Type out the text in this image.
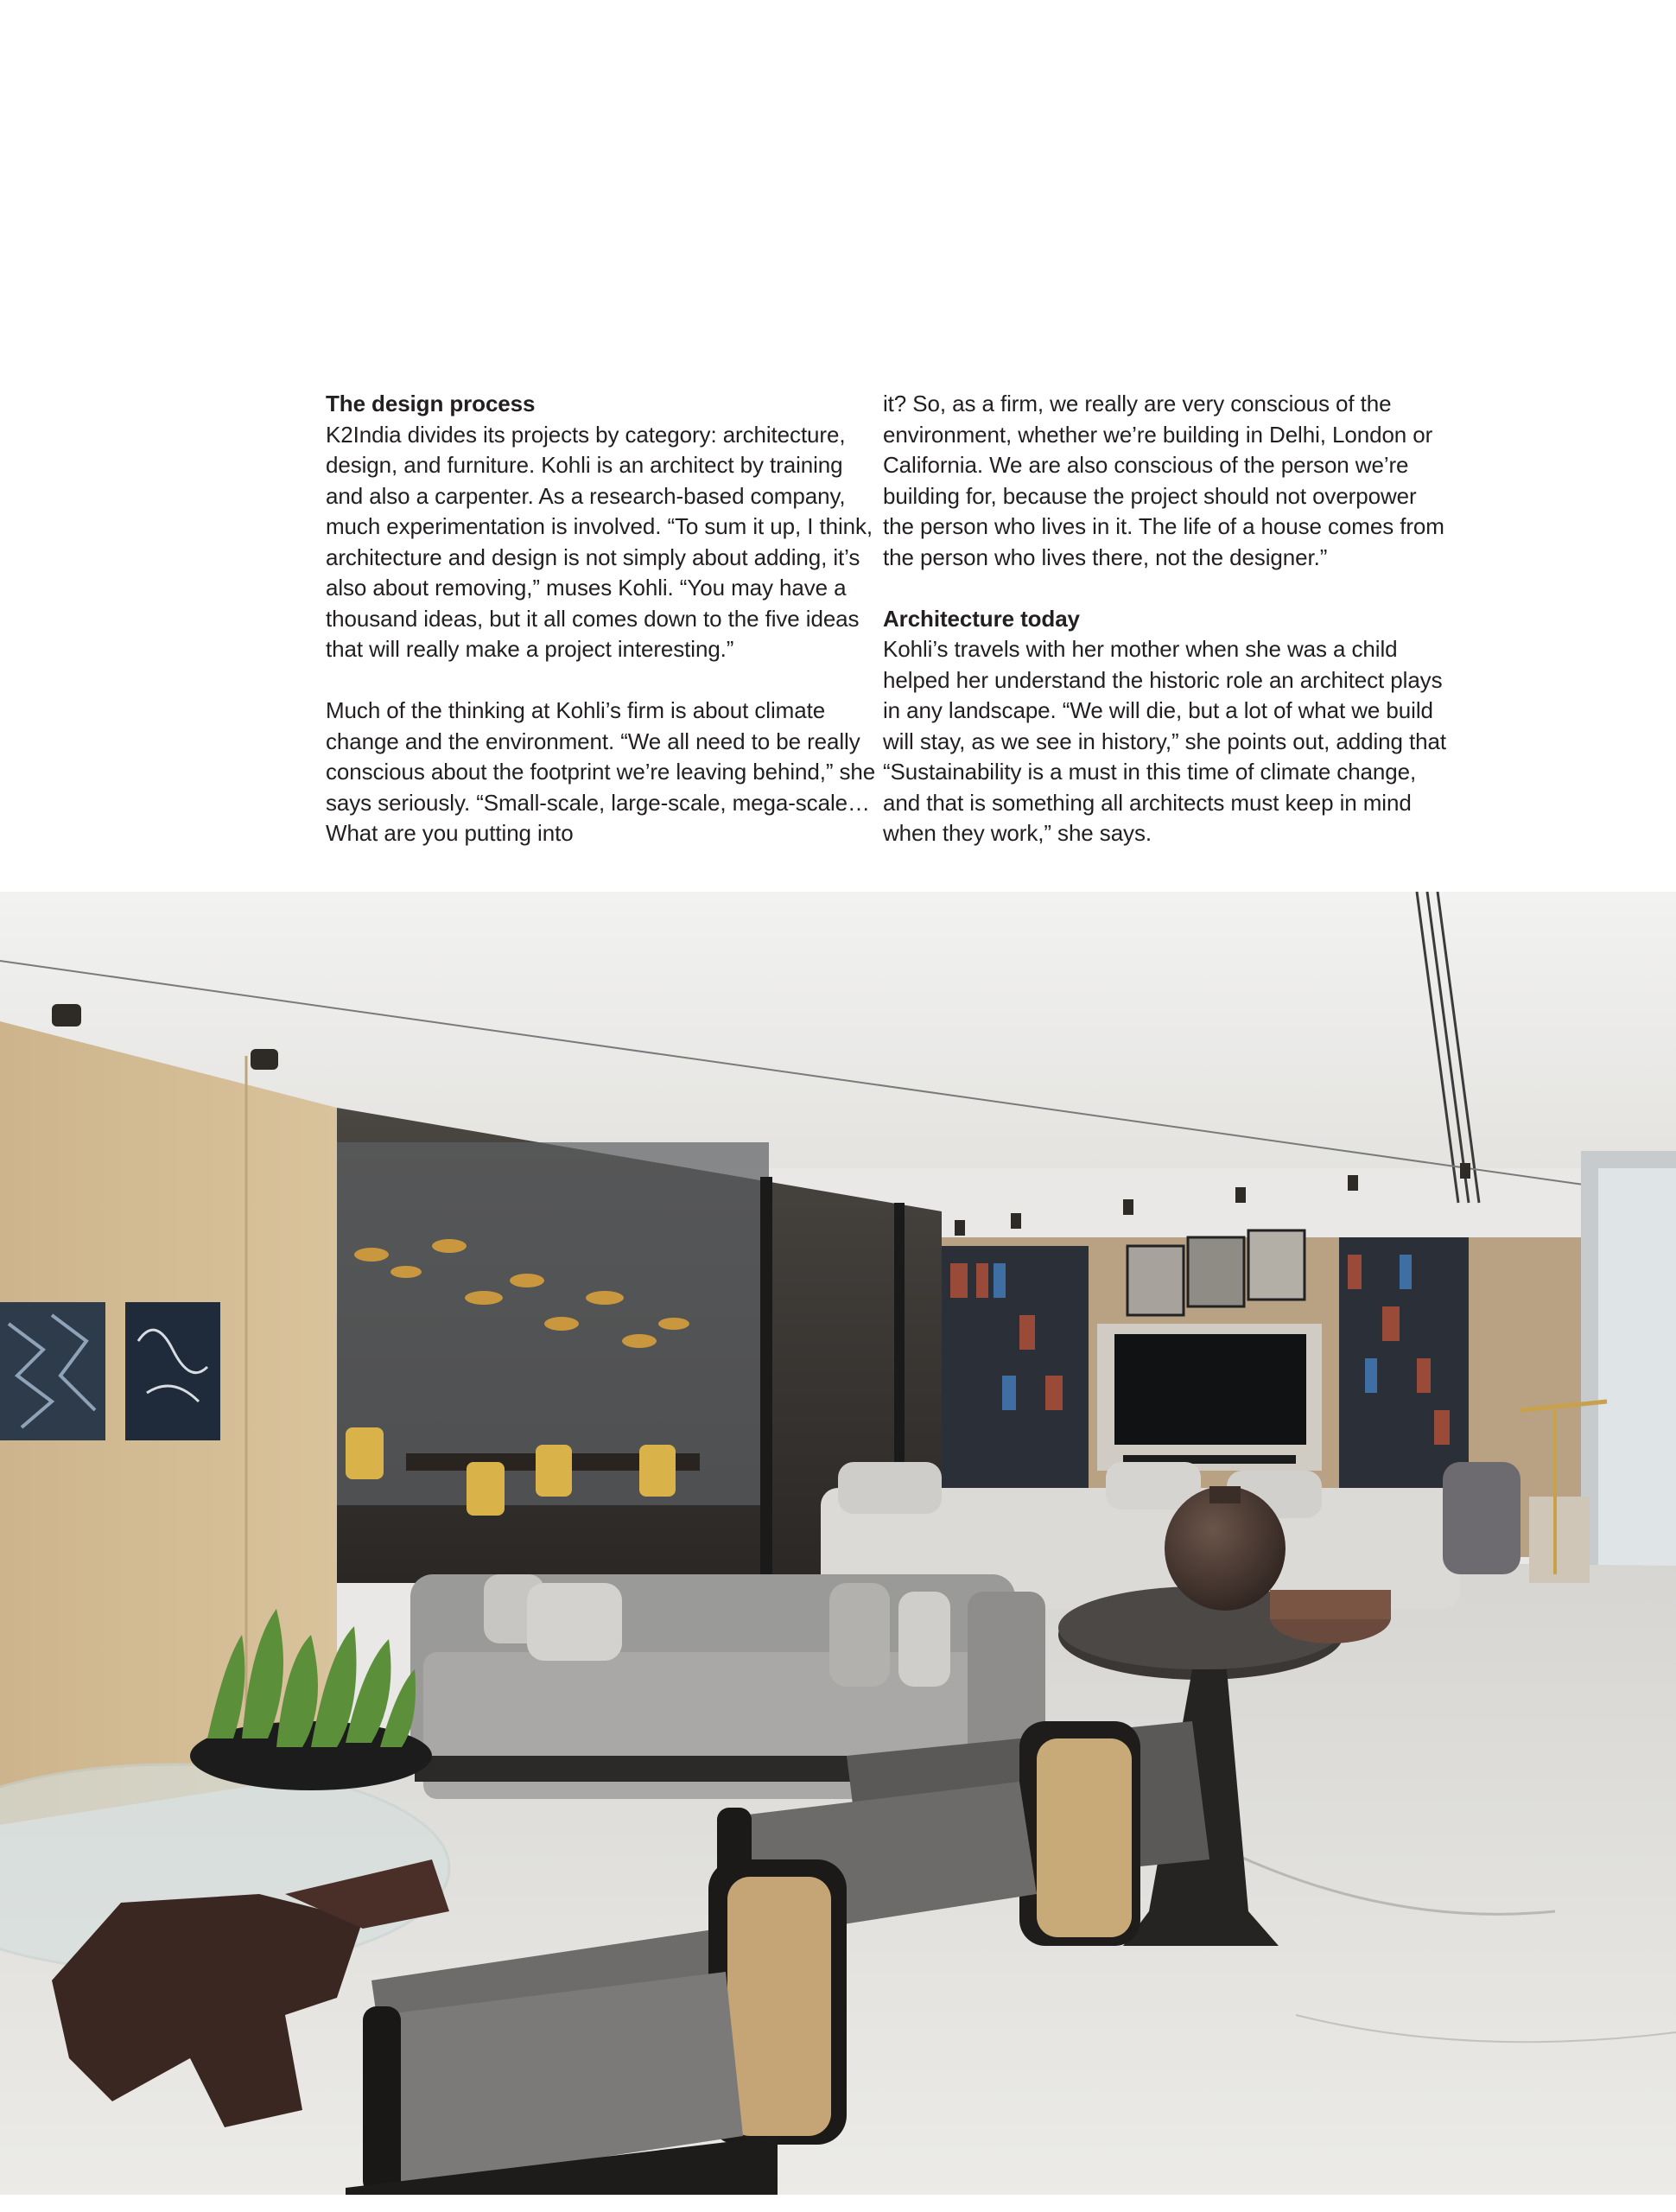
The design process

K2India divides its projects by category: architecture, design, and furniture. Kohli is an architect by training and also a carpenter. As a research-based company, much experimentation is involved. “To sum it up, I think, architecture and design is not simply about adding, it’s also about removing,” muses Kohli. “You may have a thousand ideas, but it all comes down to the five ideas that will really make a project interesting.”

Much of the thinking at Kohli’s firm is about climate change and the environment. “We all need to be really conscious about the footprint we’re leaving behind,” she says seriously. “Small-scale, large-scale, mega-scale… What are you putting into

it? So, as a firm, we really are very conscious of the environment, whether we’re building in Delhi, London or California. We are also conscious of the person we’re building for, because the project should not overpower the person who lives in it. The life of a house comes from the person who lives there, not the designer.”

Architecture today

Kohli’s travels with her mother when she was a child helped her understand the historic role an architect plays in any landscape. “We will die, but a lot of what we build will stay, as we see in history,” she points out, adding that “Sustainability is a must in this time of climate change, and that is something all architects must keep in mind when they work,” she says.
